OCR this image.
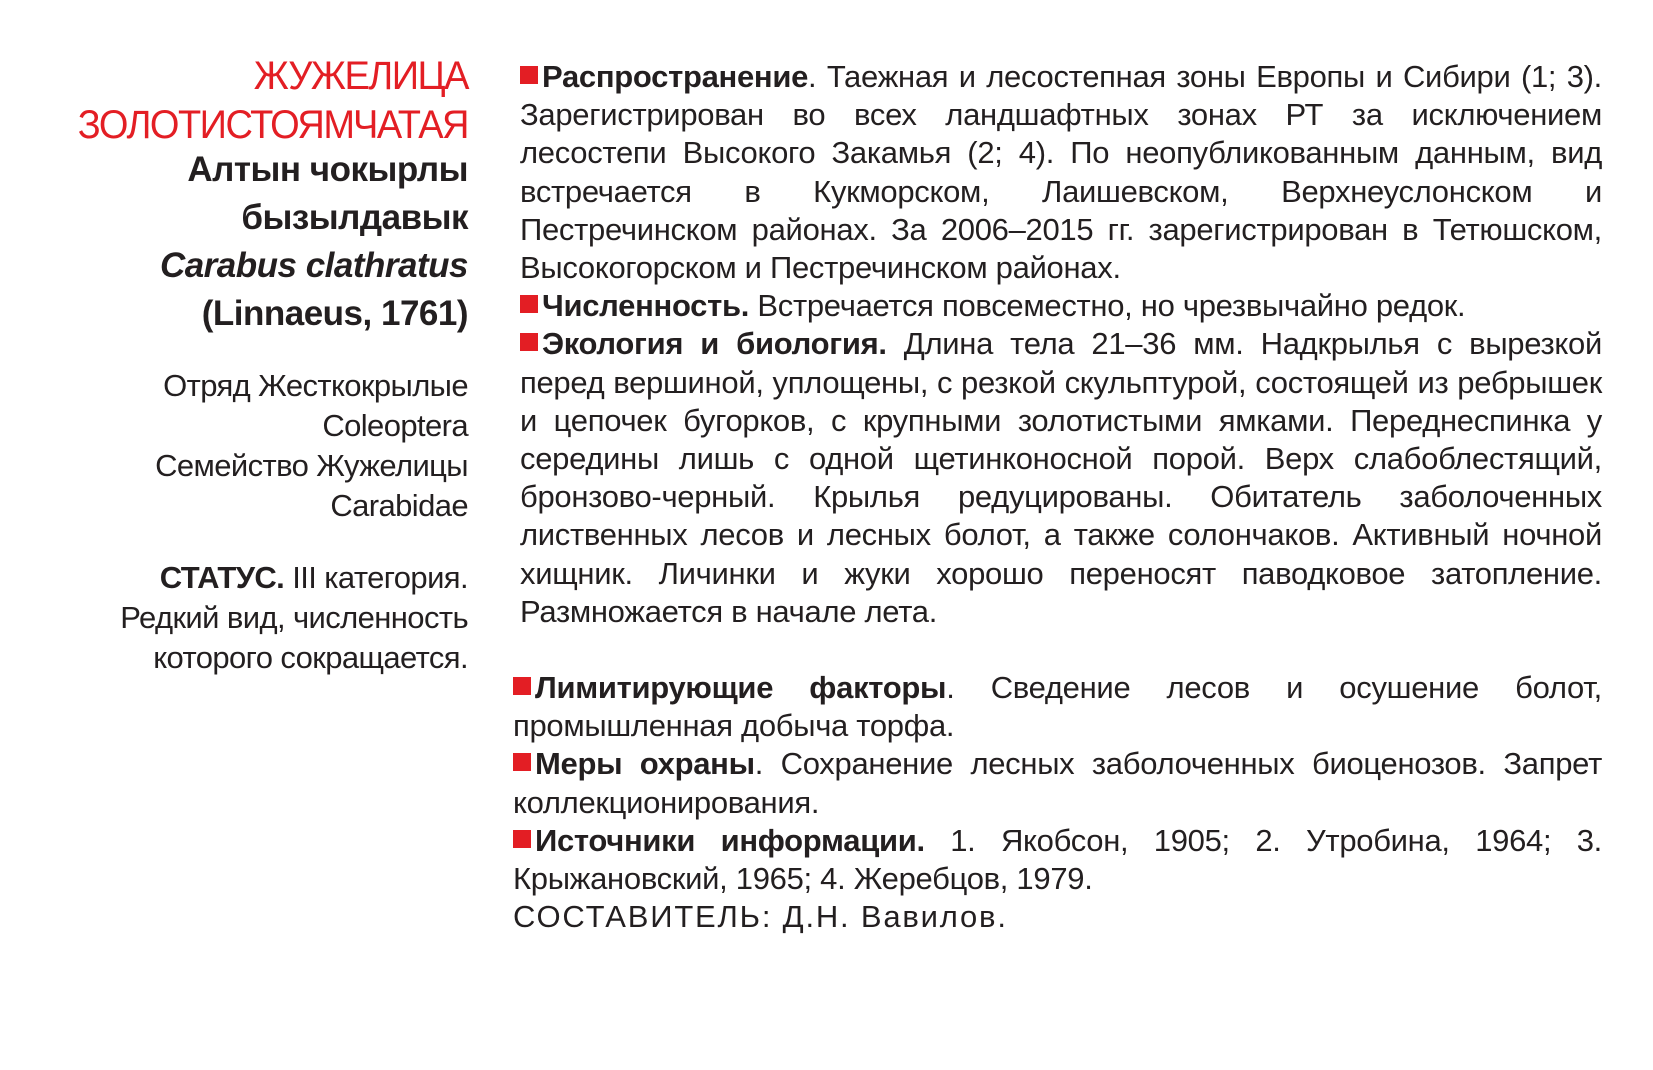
ЖУЖЕЛИЦА
ЗОЛОТИСТОЯМЧАТАЯ
Алтын чокырлы
бызылдавык
Carabus clathratus
(Linnaeus, 1761)
Отряд Жесткокрылые
Coleoptera
Семейство Жужелицы
Carabidae
СТАТУС. III категория.
Редкий вид, численность
которого сокращается.

Распространение. Таежная и лесостепная зоны Европы и Сибири (1; 3). Зарегистрирован во всех ландшафтных зонах РТ за исключением лесостепи Высокого Закамья (2; 4). По неопубликованным данным, вид встречается в Кукморском, Лаишевском, Верхнеуслонском и Пестречинском районах. За 2006–2015 гг. зарегистрирован в Тетюшском, Высокогорском и Пестречинском районах.

Численность. Встречается повсеместно, но чрезвычайно редок.

Экология и биология. Длина тела 21–36 мм. Надкрылья с вырезкой перед вершиной, уплощены, с резкой скульптурой, состоящей из ребрышек и цепочек бугорков, с крупными золотистыми ямками. Переднеспинка у середины лишь с одной щетинконосной порой. Верх слабоблестящий, бронзово-черный. Крылья редуцированы. Обитатель заболоченных лиственных лесов и лесных болот, а также солончаков. Активный ночной хищник. Личинки и жуки хорошо переносят паводковое затопление. Размножается в начале лета.

Лимитирующие факторы. Сведение лесов и осушение болот, промышленная добыча торфа.

Меры охраны. Сохранение лесных заболоченных биоценозов. Запрет коллекционирования.

Источники информации. 1. Якобсон, 1905; 2. Утробина, 1964; 3. Крыжановский, 1965; 4. Жеребцов, 1979.

СОСТАВИТЕЛЬ: Д.Н. Вавилов.
